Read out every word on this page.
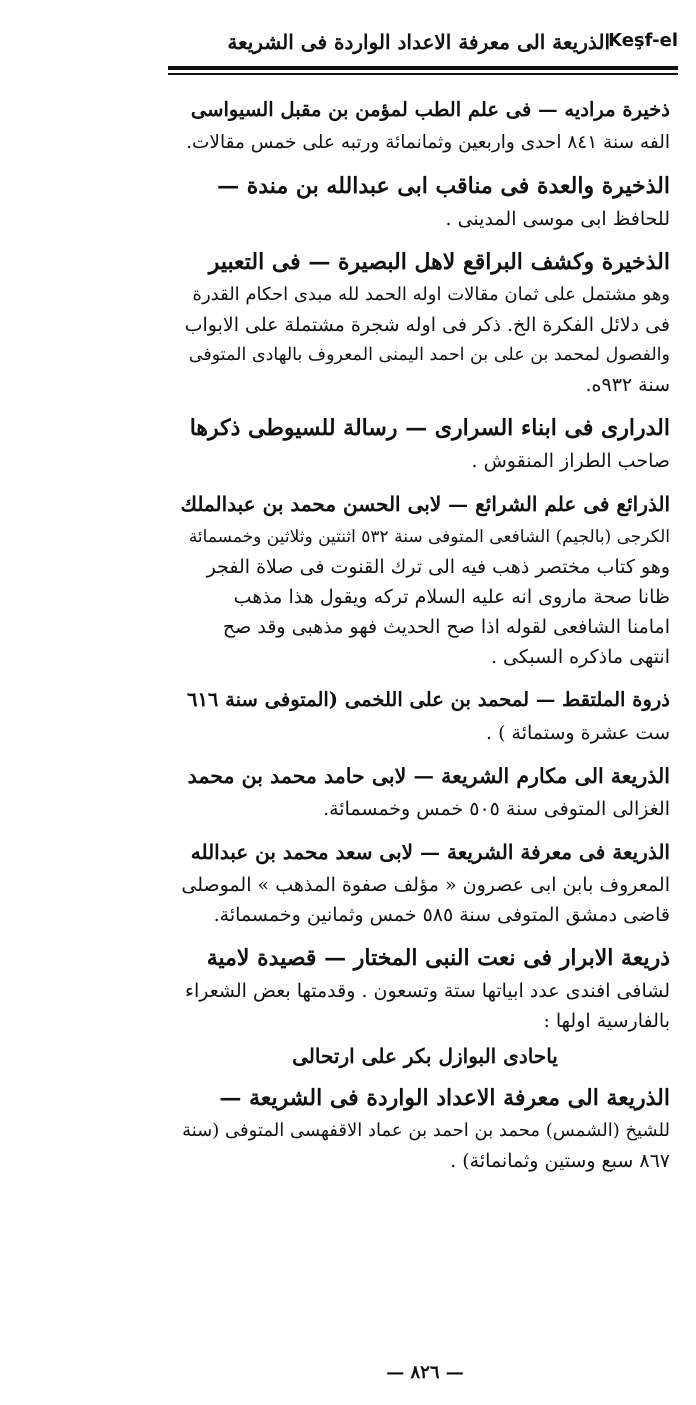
الذريعة الى معرفة الاعداد الواردة فى الشريعة
Keşf-el
ذخيرة مراديه — فى علم الطب لمؤمن بن مقبل السيواسى
الفه سنة ٨٤١ احدى واربعين وثمانمائة ورتبه على خمس مقالات.
الذخيرة والعدة فى مناقب ابى عبدالله بن مندة —
للحافظ ابى موسى المدينى .
الذخيرة وكشف البراقع لاهل البصيرة — فى التعبير
وهو مشتمل على ثمان مقالات اوله الحمد لله مبدى احكام القدرة
فى دلائل الفكرة الخ. ذكر فى اوله شجرة مشتملة على الابواب
والفصول لمحمد بن على بن احمد اليمنى المعروف بالهادى المتوفى
سنة ٩٣٢ه.
الدرارى فى ابناء السرارى — رسالة للسيوطى ذكرها
صاحب الطراز المنقوش .
الذرائع فى علم الشرائع — لابى الحسن محمد بن عبدالملك
الكرجى (بالجيم) الشافعى المتوفى سنة ٥٣٢ اثنتين وثلاثين وخمسمائة
وهو كتاب مختصر ذهب فيه الى ترك القنوت فى صلاة الفجر
ظانا صحة ماروى انه عليه السلام تركه ويقول هذا مذهب
امامنا الشافعى لقوله اذا صح الحديث فهو مذهبى وقد صح
انتهى ماذكره السبكى .
ذروة الملتقط — لمحمد بن على اللخمى (المتوفى سنة ٦١٦
ست عشرة وستمائة ) .
الذريعة الى مكارم الشريعة — لابى حامد محمد بن محمد
الغزالى المتوفى سنة ٥٠٥ خمس وخمسمائة.
الذريعة فى معرفة الشريعة — لابى سعد محمد بن عبدالله
المعروف بابن ابى عصرون « مؤلف صفوة المذهب » الموصلى
قاضى دمشق المتوفى سنة ٥٨٥ خمس وثمانين وخمسمائة.
ذريعة الابرار فى نعت النبى المختار — قصيدة لامية
لشافى افندى عدد ابياتها ستة وتسعون . وقدمتها بعض الشعراء
بالفارسية اولها :
ياحادى البوازل بكر على ارتحالى
الذريعة الى معرفة الاعداد الواردة فى الشريعة —
للشيخ (الشمس) محمد بن احمد بن عماد الاقفهسى المتوفى (سنة
٨٦٧ سبع وستين وثمانمائة) .
— ٨٢٦ —
